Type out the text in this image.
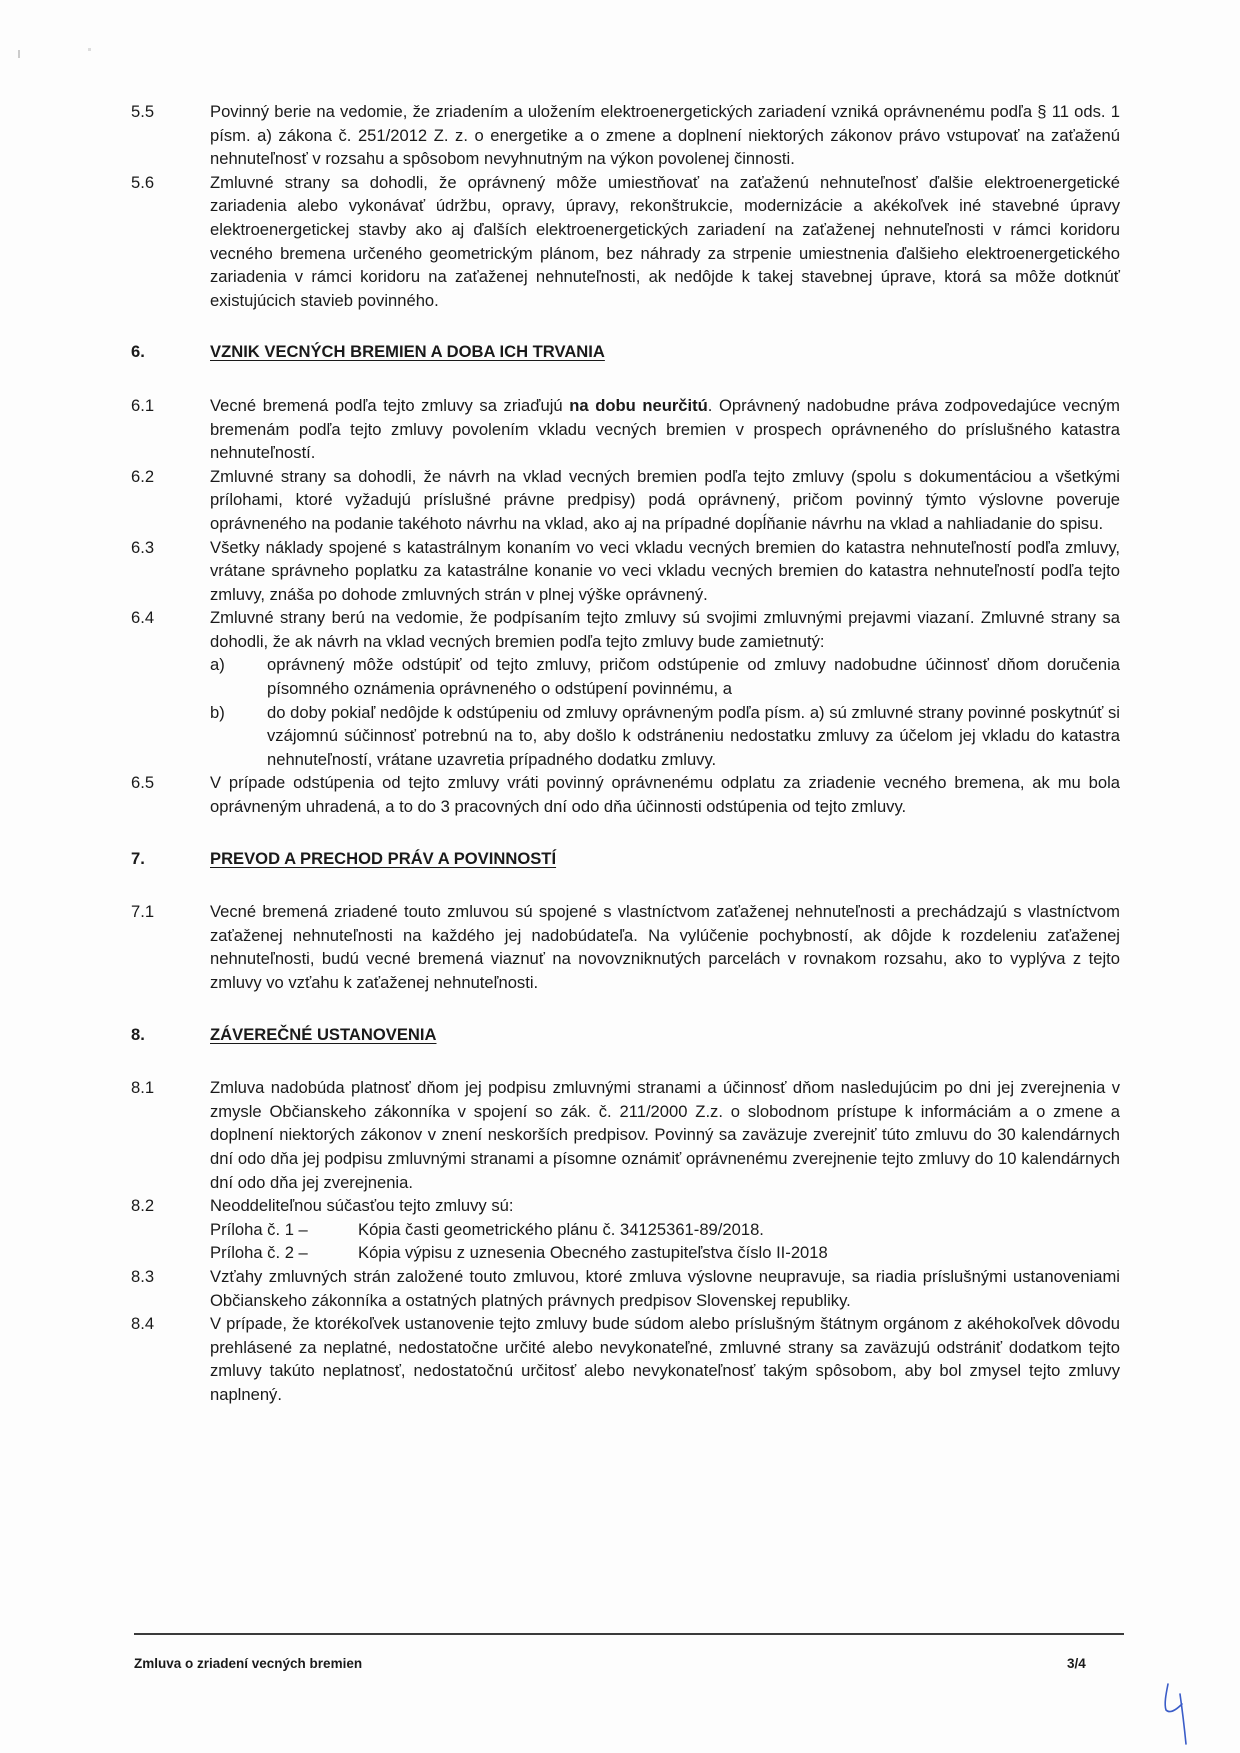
5.5	Povinný berie na vedomie, že zriadením a uložením elektroenergetických zariadení vzniká oprávnenému podľa § 11 ods. 1 písm. a) zákona č. 251/2012 Z. z. o energetike a o zmene a doplnení niektorých zákonov právo vstupovať na zaťaženú nehnuteľnosť v rozsahu a spôsobom nevyhnutným na výkon povolenej činnosti.

5.6	Zmluvné strany sa dohodli, že oprávnený môže umiestňovať na zaťaženú nehnuteľnosť ďalšie elektroenergetické zariadenia alebo vykonávať údržbu, opravy, úpravy, rekonštrukcie, modernizácie a akékoľvek iné stavebné úpravy elektroenergetickej stavby ako aj ďalších elektroenergetických zariadení na zaťaženej nehnuteľnosti v rámci koridoru vecného bremena určeného geometrickým plánom, bez náhrady za strpenie umiestnenia ďalšieho elektroenergetického zariadenia v rámci koridoru na zaťaženej nehnuteľnosti, ak nedôjde k takej stavebnej úprave, ktorá sa môže dotknúť existujúcich stavieb povinného.

6.	VZNIK VECNÝCH BREMIEN A DOBA ICH TRVANIA
6.1	Vecné bremená podľa tejto zmluvy sa zriaďujú na dobu neurčitú. Oprávnený nadobudne práva zodpovedajúce vecným bremenám podľa tejto zmluvy povolením vkladu vecných bremien v prospech oprávneného do príslušného katastra nehnuteľností.

6.2	Zmluvné strany sa dohodli, že návrh na vklad vecných bremien podľa tejto zmluvy (spolu s dokumentáciou a všetkými prílohami, ktoré vyžadujú príslušné právne predpisy) podá oprávnený, pričom povinný týmto výslovne poveruje oprávneného na podanie takéhoto návrhu na vklad, ako aj na prípadné dopĺňanie návrhu na vklad a nahliadanie do spisu.

6.3	Všetky náklady spojené s katastrálnym konaním vo veci vkladu vecných bremien do katastra nehnuteľností podľa zmluvy, vrátane správneho poplatku za katastrálne konanie vo veci vkladu vecných bremien do katastra nehnuteľností podľa tejto zmluvy, znáša po dohode zmluvných strán v plnej výške oprávnený.

6.4	Zmluvné strany berú na vedomie, že podpísaním tejto zmluvy sú svojimi zmluvnými prejavmi viazaní. Zmluvné strany sa dohodli, že ak návrh na vklad vecných bremien podľa tejto zmluvy bude zamietnutý:

a)	oprávnený môže odstúpiť od tejto zmluvy, pričom odstúpenie od zmluvy nadobudne účinnosť dňom doručenia písomného oznámenia oprávneného o odstúpení povinnému, a

b)	do doby pokiaľ nedôjde k odstúpeniu od zmluvy oprávneným podľa písm. a) sú zmluvné strany povinné poskytnúť si vzájomnú súčinnosť potrebnú na to, aby došlo k odstráneniu nedostatku zmluvy za účelom jej vkladu do katastra nehnuteľností, vrátane uzavretia prípadného dodatku zmluvy.

6.5	V prípade odstúpenia od tejto zmluvy vráti povinný oprávnenému odplatu za zriadenie vecného bremena, ak mu bola oprávneným uhradená, a to do 3 pracovných dní odo dňa účinnosti odstúpenia od tejto zmluvy.

7.	PREVOD A PRECHOD PRÁV A POVINNOSTÍ
7.1	Vecné bremená zriadené touto zmluvou sú spojené s vlastníctvom zaťaženej nehnuteľnosti a prechádzajú s vlastníctvom zaťaženej nehnuteľnosti na každého jej nadobúdateľa. Na vylúčenie pochybností, ak dôjde k rozdeleniu zaťaženej nehnuteľnosti, budú vecné bremená viaznuť na novovzniknutých parcelách v rovnakom rozsahu, ako to vyplýva z tejto zmluvy vo vzťahu k zaťaženej nehnuteľnosti.

8.	ZÁVEREČNÉ USTANOVENIA
8.1	Zmluva nadobúda platnosť dňom jej podpisu zmluvnými stranami a účinnosť dňom nasledujúcim po dni jej zverejnenia v zmysle Občianskeho zákonníka v spojení so zák. č. 211/2000 Z.z. o slobodnom prístupe k informáciám a o zmene a doplnení niektorých zákonov v znení neskorších predpisov. Povinný sa zaväzuje zverejniť túto zmluvu do 30 kalendárnych dní odo dňa jej podpisu zmluvnými stranami a písomne oznámiť oprávnenému zverejnenie tejto zmluvy do 10 kalendárnych dní odo dňa jej zverejnenia.

8.2	Neoddeliteľnou súčasťou tejto zmluvy sú:

Príloha č. 1 –	Kópia časti geometrického plánu č. 34125361-89/2018.
Príloha č. 2 –	Kópia výpisu z uznesenia Obecného zastupiteľstva číslo II-2018
8.3	Vzťahy zmluvných strán založené touto zmluvou, ktoré zmluva výslovne neupravuje, sa riadia príslušnými ustanoveniami Občianskeho zákonníka a ostatných platných právnych predpisov Slovenskej republiky.

8.4	V prípade, že ktorékoľvek ustanovenie tejto zmluvy bude súdom alebo príslušným štátnym orgánom z akéhokoľvek dôvodu prehlásené za neplatné, nedostatočne určité alebo nevykonateľné, zmluvné strany sa zaväzujú odstrániť dodatkom tejto zmluvy takúto neplatnosť, nedostatočnú určitosť alebo nevykonateľnosť takým spôsobom, aby bol zmysel tejto zmluvy naplnený.

Zmluva o zriadení vecných bremien	3/4
